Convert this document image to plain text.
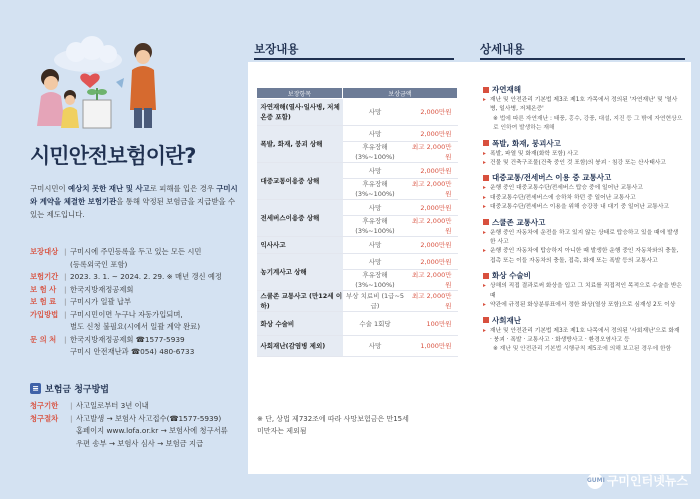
시민안전보험이란?

구미시민이 예상치 못한 재난 및 사고로 피해를 입은 경우 구미시와 계약을 체결한 보험기관을 통해 약정된 보험금을 지급받을 수 있는 제도입니다.

보장대상 | 구미시에 주민등록을 두고 있는 모든 시민
(등록외국인 포함)
보험기간 | 2023. 3. 1. ~ 2024. 2. 29. ※ 매년 갱신 예정
보 험 사	| 한국지방재정공제회
보 험 료	| 구미시가 일괄 납부
가입방법 | 구미시민이면 누구나 자동가입되며,
별도 신청 불필요(시에서 일괄 계약 완료)
문 의 처	| 한국지방재정공제회 ☎1577-5939
구미시 안전재난과 ☎054) 480-6733
≡ 보험금 청구방법
청구기한	| 사고일로부터 3년 이내
청구절차	| 사고발생 → 보험사 사고접수(☎1577-5939)
홈페이지 www.lofa.or.kr → 보험사에 청구서류
우편 송부 → 보험사 심사 → 보험금 지급
보장내용	상세내용
보장항목	보상금액	
자연재해(열사·일사병, 저체온증 포함)	사망	2,000만원
폭발, 화재, 붕괴 상해	사망	2,000만원
	후유장해 (3%~100%)	최고 2,000만원
대중교통이용중 상해	사망	2,000만원
	후유장해 (3%~100%)	최고 2,000만원
전세버스이용중 상해	사망	2,000만원
	후유장해 (3%~100%)	최고 2,000만원
익사사고	사망	2,000만원
농기계사고 상해	사망	2,000만원
	후유장해 (3%~100%)	최고 2,000만원
스쿨존 교통사고 (만12세 이하)	부상 치료비 (1급~5급)	최고 2,000만원
화상 수술비	수술 1회당	100만원
사회재난(감염병 제외)	사망	1,000만원
※ 단, 상법 제732조에 따라 사망보험금은 만15세
미만자는 제외됨
자연재해
▸ 재난 및 안전관리 기본법 제3조 제1호 가목에서 정의된 '자연재난' 및 '열사병, 일사병, 저체온증'
※ 법에 따른 자연재난 : 태풍, 홍수, 강풍, 대설, 지진 등 그 밖에 자연현상으로 인하여 발생하는 재해
폭발, 화재, 붕괴사고
▸ 폭발, 파열 및 화재(화학 포함) 사고
▸ 건물 및 건축구조물(건축 중인 것 포함)의 붕괴 · 침강 또는 산사태사고
대중교통/전세버스 이용 중 교통사고
▸ 운행 중인 대중교통수단/전세버스 탑승 중에 일어난 교통사고
▸ 대중교통수단/전세버스에 승하차 하던 중 일어난 교통사고
▸ 대중교통수단/전세버스 이용을 위해 승강장 내 대기 중 일어난 교통사고
스쿨존 교통사고
▸ 운행 중인 자동차에 운전을 하고 있지 않는 상태로 탑승하고 있을 때에 발생한 사고
▸ 운행 중인 자동차에 탑승하지 아니한 때 발생한 운행 중인 자동차와의 충돌, 접촉 또는 이들 자동차의 충돌, 접촉, 화재 또는 폭발 등의 교통사고
화상 수술비
▸ 상해의 직접 결과로써 화상을 입고 그 치료를 직접적인 목적으로 수술을 받은 때
▸ 약관에 규정된 화상분류표에서 정한 화상(열상 포함)으로 심재성 2도 이상
사회재난
▸ 재난 및 안전관리 기본법 제3조 제1호 나목에서 정의된 '사회재난'으로 화재 · 붕괴 · 폭발 · 교통사고 · 화생방사고 · 환경오염사고 등
※ 재난 및 안전관리 기본법 시행규칙 제5조에 의해 보고된 경우에 한함
GUMI 구미인터넷뉴스
